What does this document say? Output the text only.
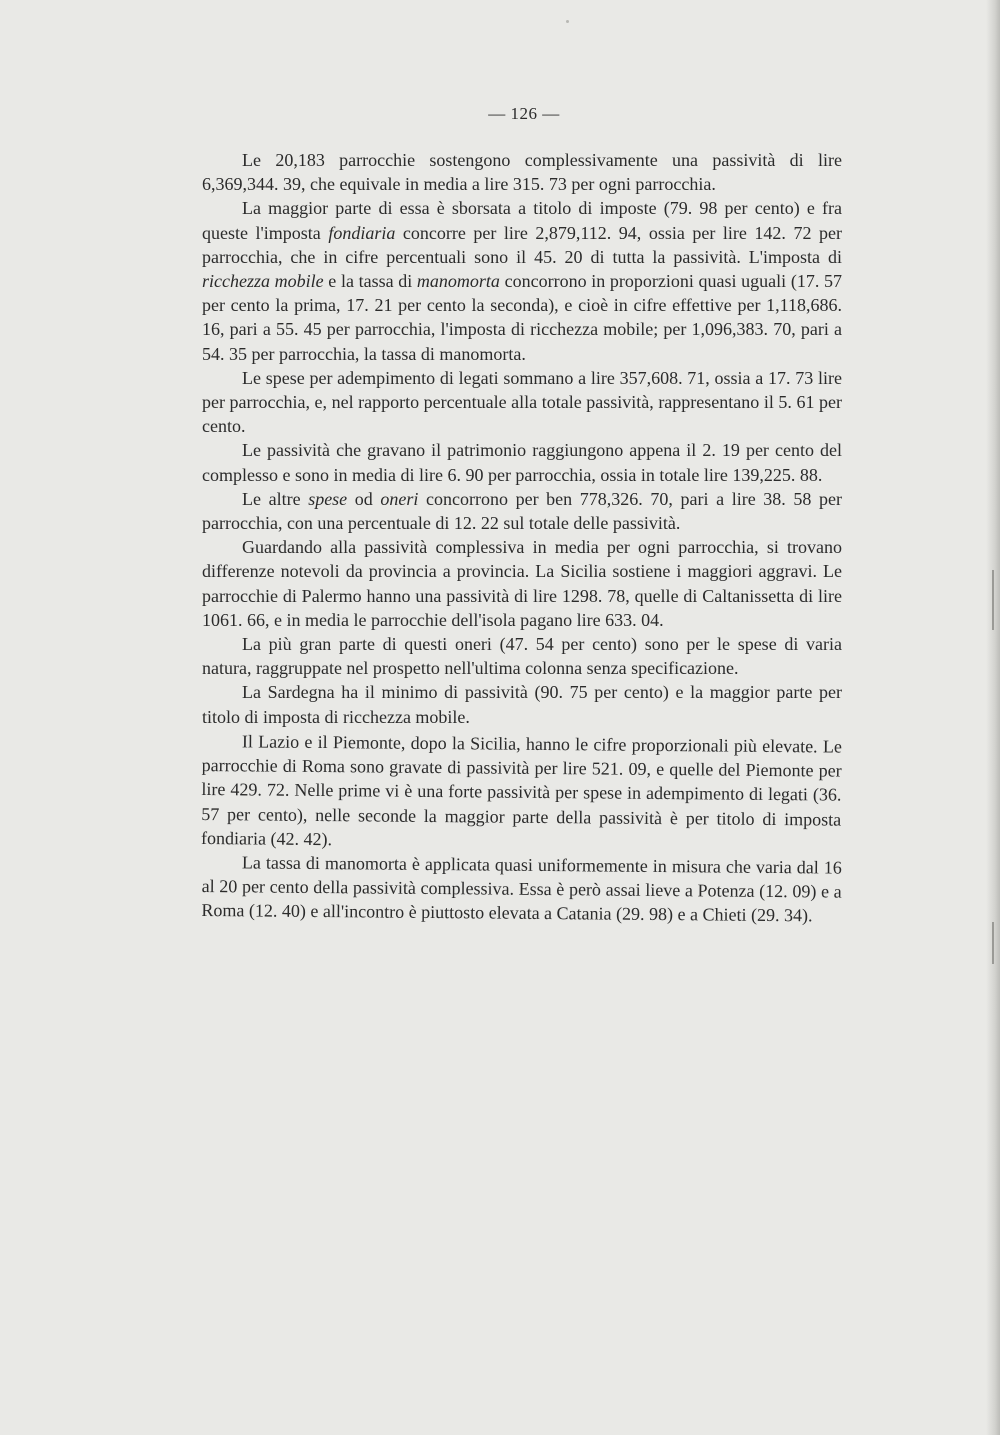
— 126 —

Le 20,183 parrocchie sostengono complessivamente una passività di lire 6,369,344. 39, che equivale in media a lire 315. 73 per ogni parrocchia.

La maggior parte di essa è sborsata a titolo di imposte (79. 98 per cento) e fra queste l'imposta fondiaria concorre per lire 2,879,112. 94, ossia per lire 142. 72 per parrocchia, che in cifre percentuali sono il 45. 20 di tutta la passività. L'imposta di ricchezza mobile e la tassa di manomorta concorrono in proporzioni quasi uguali (17. 57 per cento la prima, 17. 21 per cento la seconda), e cioè in cifre effettive per 1,118,686. 16, pari a 55. 45 per parrocchia, l'imposta di ricchezza mobile; per 1,096,383. 70, pari a 54. 35 per parrocchia, la tassa di manomorta.

Le spese per adempimento di legati sommano a lire 357,608. 71, ossia a 17. 73 lire per parrocchia, e, nel rapporto percentuale alla totale passività, rappresentano il 5. 61 per cento.

Le passività che gravano il patrimonio raggiungono appena il 2. 19 per cento del complesso e sono in media di lire 6. 90 per parrocchia, ossia in totale lire 139,225. 88.

Le altre spese od oneri concorrono per ben 778,326. 70, pari a lire 38. 58 per parrocchia, con una percentuale di 12. 22 sul totale delle passività.

Guardando alla passività complessiva in media per ogni parrocchia, si trovano differenze notevoli da provincia a provincia. La Sicilia sostiene i maggiori aggravi. Le parrocchie di Palermo hanno una passività di lire 1298. 78, quelle di Caltanissetta di lire 1061. 66, e in media le parrocchie dell'isola pagano lire 633. 04.

La più gran parte di questi oneri (47. 54 per cento) sono per le spese di varia natura, raggruppate nel prospetto nell'ultima colonna senza specificazione.

La Sardegna ha il minimo di passività (90. 75 per cento) e la maggior parte per titolo di imposta di ricchezza mobile.

Il Lazio e il Piemonte, dopo la Sicilia, hanno le cifre proporzionali più elevate. Le parrocchie di Roma sono gravate di passività per lire 521. 09, e quelle del Piemonte per lire 429. 72. Nelle prime vi è una forte passività per spese in adempimento di legati (36. 57 per cento), nelle seconde la maggior parte della passività è per titolo di imposta fondiaria (42. 42).

La tassa di manomorta è applicata quasi uniformemente in misura che varia dal 16 al 20 per cento della passività complessiva. Essa è però assai lieve a Potenza (12. 09) e a Roma (12. 40) e all'incontro è piuttosto elevata a Catania (29. 98) e a Chieti (29. 34).
